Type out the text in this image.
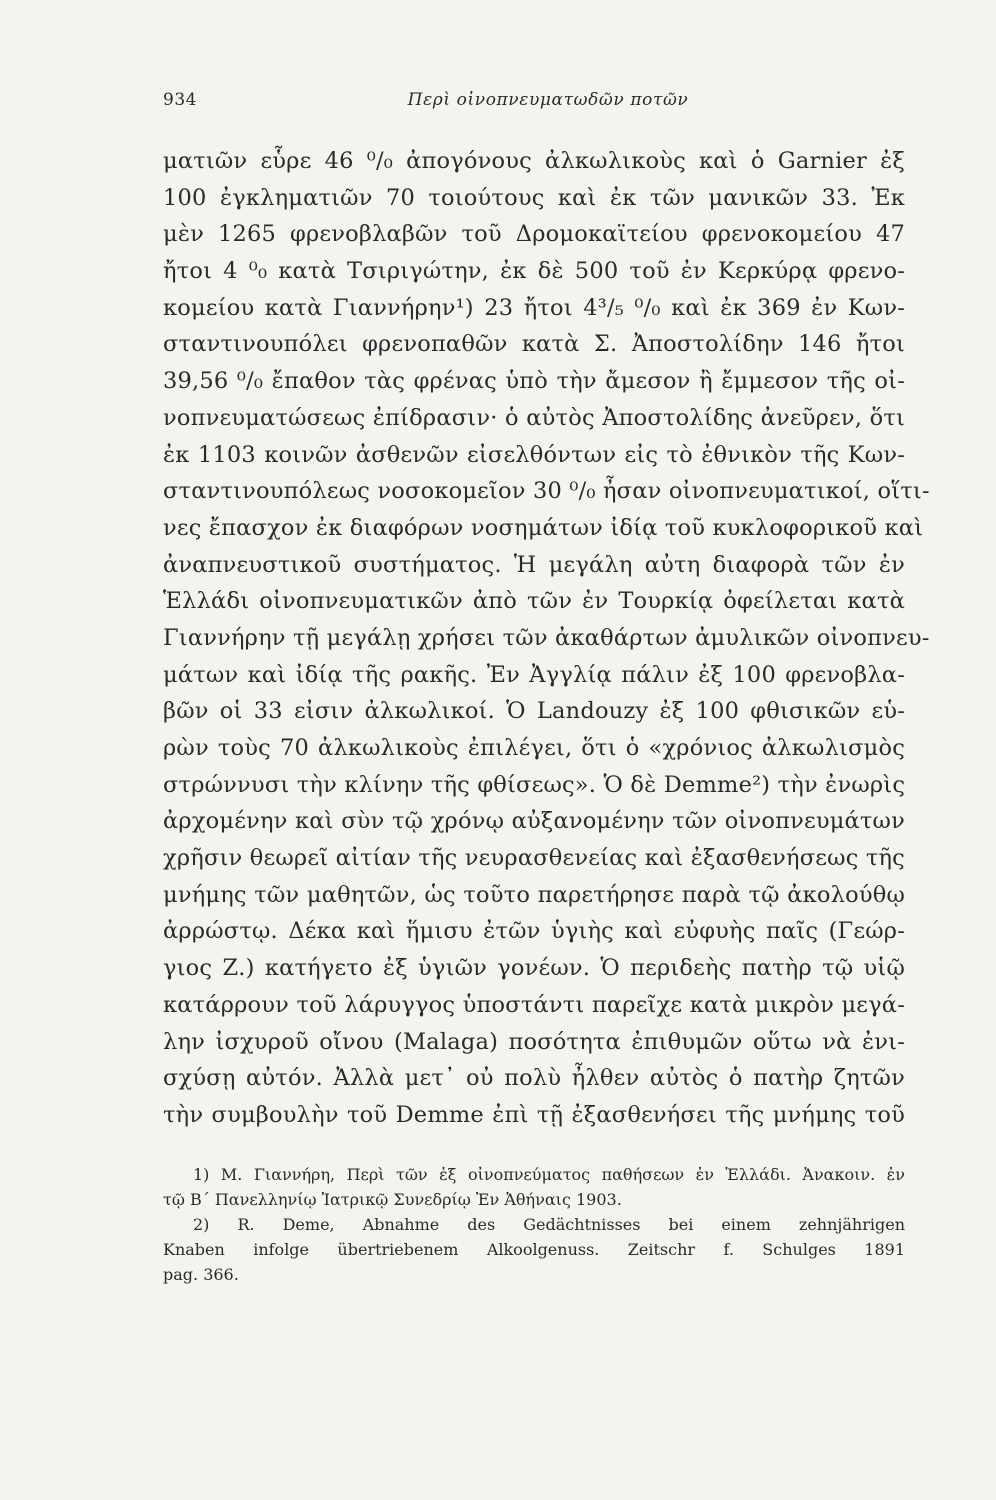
934	Περὶ οἰνοπνευματωδῶν ποτῶν
ματιῶν εὗρε 46 ⁰/₀ ἀπογόνους ἀλκωλικοὺς καὶ ὁ Garnier ἐξ
100 ἐγκληματιῶν 70 τοιούτους καὶ ἐκ τῶν μανικῶν 33. Ἐκ
μὲν 1265 φρενοβλαβῶν τοῦ Δρομοκαϊτείου φρενοκομείου 47
ἤτοι 4 ⁰₀ κατὰ Τσιριγώτην, ἐκ δὲ 500 τοῦ ἐν Κερκύρᾳ φρενο-
κομείου κατὰ Γιαννήρην¹) 23 ἤτοι 4³/₅ ⁰/₀ καὶ ἐκ 369 ἐν Κων-
σταντινουπόλει φρενοπαθῶν κατὰ Σ. Ἀποστολίδην 146 ἤτοι
39,56 ⁰/₀ ἔπαθον τὰς φρένας ὑπὸ τὴν ἄμεσον ἢ ἔμμεσον τῆς οἰ-
νοπνευματώσεως ἐπίδρασιν· ὁ αὐτὸς Ἀποστολίδης ἀνεῦρεν, ὅτι
ἐκ 1103 κοινῶν ἀσθενῶν εἰσελθόντων εἰς τὸ ἐθνικὸν τῆς Κων-
σταντινουπόλεως νοσοκομεῖον 30 ⁰/₀ ἦσαν οἰνοπνευματικοί, οἵτι-
νες ἔπασχον ἐκ διαφόρων νοσημάτων ἰδίᾳ τοῦ κυκλοφορικοῦ καὶ
ἀναπνευστικοῦ συστήματος. Ἡ μεγάλη αὐτη διαφορὰ τῶν ἐν
Ἑλλάδι οἰνοπνευματικῶν ἀπὸ τῶν ἐν Τουρκίᾳ ὀφείλεται κατὰ
Γιαννήρην τῇ μεγάλῃ χρήσει τῶν ἀκαθάρτων ἀμυλικῶν οἰνοπνευ-
μάτων καὶ ἰδίᾳ τῆς ρακῆς. Ἐν Ἀγγλίᾳ πάλιν ἐξ 100 φρενοβλα-
βῶν οἱ 33 εἰσιν ἀλκωλικοί. Ὁ Landouzy ἐξ 100 φθισικῶν εὑ-
ρὼν τοὺς 70 ἀλκωλικοὺς ἐπιλέγει, ὅτι ὁ «χρόνιος ἀλκωλισμὸς
στρώννυσι τὴν κλίνην τῆς φθίσεως». Ὁ δὲ Demme²) τὴν ἐνωρὶς
ἀρχομένην καὶ σὺν τῷ χρόνῳ αὐξανομένην τῶν οἰνοπνευμάτων
χρῆσιν θεωρεῖ αἰτίαν τῆς νευρασθενείας καὶ ἐξασθενήσεως τῆς
μνήμης τῶν μαθητῶν, ὡς τοῦτο παρετήρησε παρὰ τῷ ἀκολούθῳ
ἀρρώστῳ. Δέκα καὶ ἥμισυ ἐτῶν ὑγιὴς καὶ εὐφυὴς παῖς (Γεώρ-
γιος Ζ.) κατήγετο ἐξ ὑγιῶν γονέων. Ὁ περιδεὴς πατὴρ τῷ υἱῷ
κατάρρουν τοῦ λάρυγγος ὑποστάντι παρεῖχε κατὰ μικρὸν μεγά-
λην ἰσχυροῦ οἴνου (Malaga) ποσότητα ἐπιθυμῶν οὕτω νὰ ἐνι-
σχύσῃ αὐτόν. Ἀλλὰ μετ᾽ οὐ πολὺ ἦλθεν αὐτὸς ὁ πατὴρ ζητῶν
τὴν συμβουλὴν τοῦ Demme ἐπὶ τῇ ἐξασθενήσει τῆς μνήμης τοῦ
1) Μ. Γιαννήρη, Περὶ τῶν ἐξ οἰνοπνεύματος παθήσεων ἐν Ἑλλάδι. Ἀνακοιν. ἐν
τῷ Β΄ Πανελληνίῳ Ἰατρικῷ Συνεδρίῳ Ἐν Ἀθήναις 1903.
2) R. Deme, Abnahme des Gedächtnisses bei einem zehnjährigen
Knaben infolge übertriebenem Alkoolgenuss. Zeitschr f. Schulges 1891
pag. 366.
